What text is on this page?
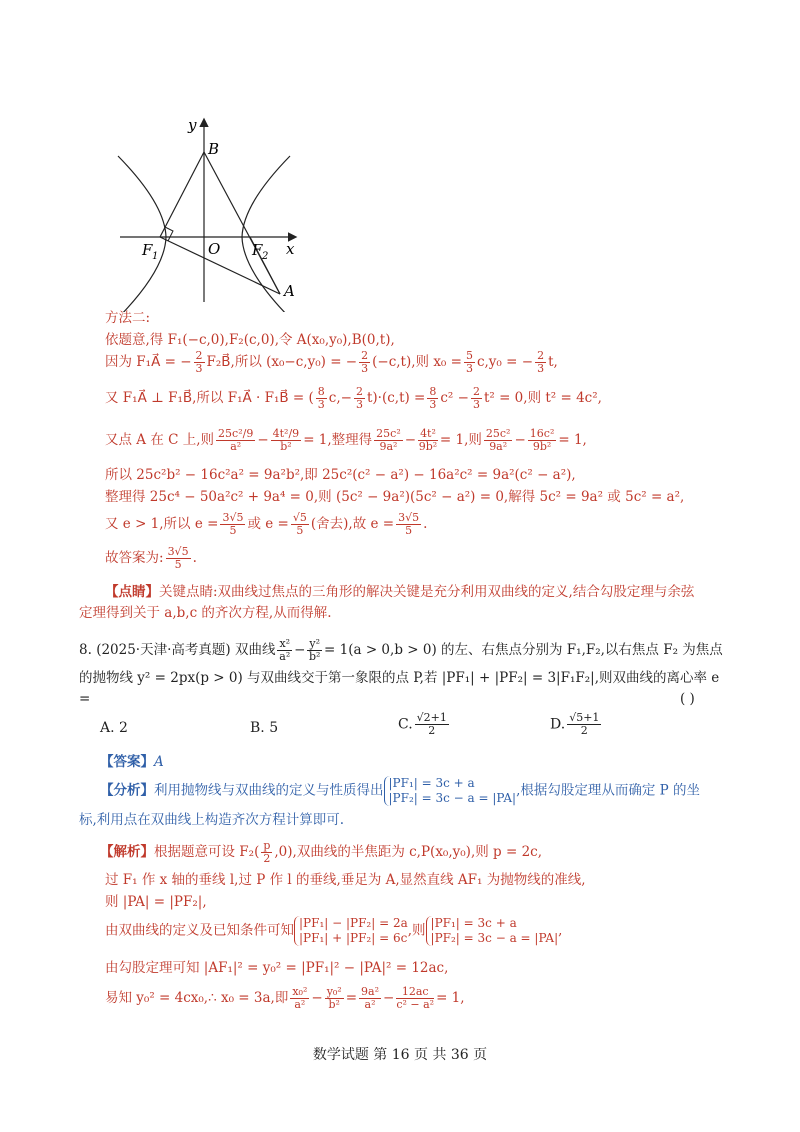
y
B
F 1	O F 2 x
A
方法二:
依题意,得 F₁(−c,0),F₂(c,0),令 A(x₀,y₀),B(0,t),
因为 F₁A⃗ = − $\frac{2}{3}$ F₂B⃗,所以 (x₀−c,y₀) = − $\frac{2}{3} (-c,t)$,则 $x_0 = \frac{5}{3} c,y_0$ = − $\frac{2}{3} t$,
又 F₁A⃗ ⊥ F₁B⃗,所以 F₁A⃗ · F₁B⃗ = ( $\frac{8}{3} c,- \frac{2}{3} t)\cdot(c,t) = \frac{8}{3} c^2 - \frac{2}{3} t^2 = 0$,则 t² = 4c²,
又点 A 在 C 上,则 $\frac{\text{25c²/9}}{\text{a²}} - \frac{\text{4t²/9}}{\text{b²}} = 1$,整理得 $\frac{\text{25c²}}{\text{9a²}} - \frac{\text{4t²}}{\text{9b²}} = 1$,则 $\frac{\text{25c²}}{\text{9a²}} - \frac{\text{16c²}}{\text{9b²}} = 1$,
所以 25c²b² − 16c²a² = 9a²b²,即 25c²(c² − a²) − 16a²c² = 9a²(c² − a²),
整理得 25c⁴ − 50a²c² + 9a⁴ = 0,则 (5c² − 9a²)(5c² − a²) = 0,解得 5c² = 9a² 或 5c² = a²,
又 e > 1,所以 $e = \frac{3√5}{5}$ 或 $e = \frac{√5}{5}$ (舍去),故 $e = \frac{3√5}{5}$ .
故答案为: $\frac{3√5}{5}$ .
【点睛】关键点睛:双曲线过焦点的三角形的解决关键是充分利用双曲线的定义,结合勾股定理与余弦
定理得到关于 a,b,c 的齐次方程,从而得解.
8. (2025·天津·高考真题) 双曲线 $\frac{\text{x²}}{\text{a²}} - \frac{\text{y²}}{\text{b²}} = 1(a > 0,b > 0)$ 的左、右焦点分别为 F₁,F₂,以右焦点 F₂ 为焦点
的抛物线 y² = 2px(p > 0) 与双曲线交于第一象限的点 P,若 |PF₁| + |PF₂| = 3|F₁F₂|,则双曲线的离心率 e
=	( )
A. 2	B. 5	C. $\frac{√2+1}{2}$	D. $\frac{√5+1}{2}$
【答案】A
【分析】利用抛物线与双曲线的定义与性质得出 |PF₁| = 3c + a
|PF₂| = 3c − a = |PA| ,根据勾股定理从而确定 P 的坐
标,利用点在双曲线上构造齐次方程计算即可.
【解析】根据题意可设 $F_2( \frac{p}{2} ,0)$,双曲线的半焦距为 c,P(x₀,y₀),则 p = 2c,
过 F₁ 作 x 轴的垂线 l,过 P 作 l 的垂线,垂足为 A,显然直线 AF₁ 为抛物线的准线,
则 |PA| = |PF₂|,
由双曲线的定义及已知条件可知 |PF₁| − |PF₂| = 2a
|PF₁| + |PF₂| = 6c ,则 |PF₁| = 3c + a
|PF₂| = 3c − a = |PA| ,
由勾股定理可知 |AF₁|² = y₀² = |PF₁|² − |PA|² = 12ac,
易知 y₀² = 4cx₀,∴ x₀ = 3a,即 $\frac{\text{x₀²}}{\text{a²}} - \frac{\text{y₀²}}{\text{b²}} = \frac{\text{9a²}}{\text{a²}} - \frac{12ac}{\text{c² − a²}} = 1$,
数学试题 第 16 页 共 36 页
